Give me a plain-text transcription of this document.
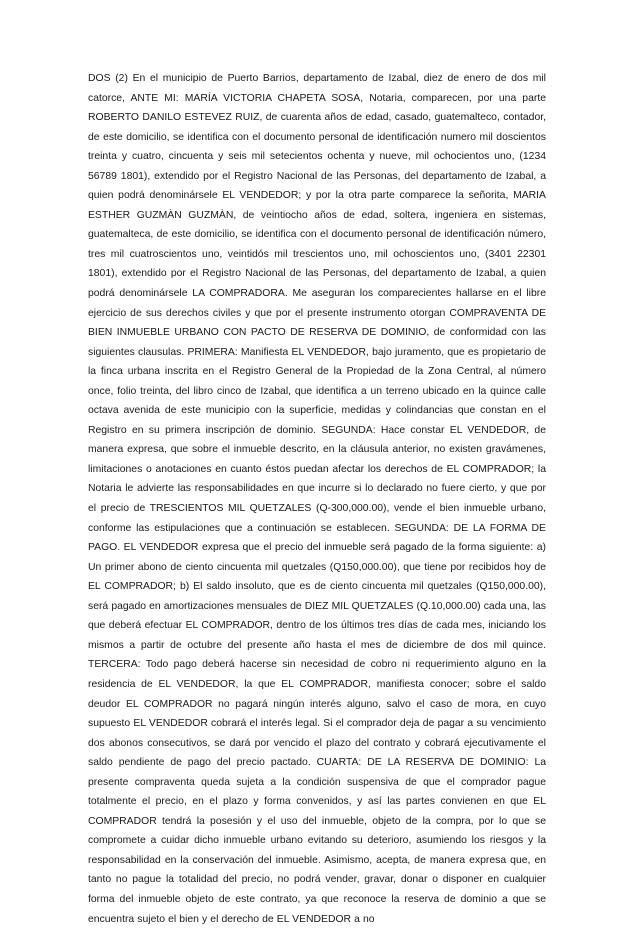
DOS (2) En el municipio de Puerto Barrios, departamento de Izabal, diez de enero de dos mil catorce, ANTE MI: MARÍA VICTORIA CHAPETA SOSA, Notaria, comparecen, por una parte ROBERTO DANILO ESTEVEZ RUIZ, de cuarenta años de edad, casado, guatemalteco, contador, de este domicilio, se identifica con el documento personal de identificación numero mil doscientos treinta y cuatro, cincuenta y seis mil setecientos ochenta y nueve, mil ochocientos uno, (1234 56789 1801), extendido por el Registro Nacional de las Personas, del departamento de Izabal, a quien podrá denominársele EL VENDEDOR; y por la otra parte comparece la señorita, MARIA ESTHER GUZMÀN GUZMÀN, de veintiocho años de edad, soltera, ingeniera en sistemas, guatemalteca, de este domicilio, se identifica con el documento personal de identificación número, tres mil cuatroscientos uno, veintidós mil trescientos uno, mil ochoscientos uno, (3401 22301 1801), extendido por el Registro Nacional de las Personas, del departamento de Izabal, a quien podrá denominársele LA COMPRADORA. Me aseguran los comparecientes hallarse en el libre ejercicio de sus derechos civiles y que por el presente instrumento otorgan COMPRAVENTA DE BIEN INMUEBLE URBANO CON PACTO DE RESERVA DE DOMINIO, de conformidad con las siguientes clausulas. PRIMERA: Manifiesta EL VENDEDOR, bajo juramento, que es propietario de la finca urbana inscrita en el Registro General de la Propiedad de la Zona Central, al número once, folio treinta, del libro cinco de Izabal, que identifica a un terreno ubicado en la quince calle octava avenida de este municipio con la superficie, medidas y colindancias que constan en el Registro en su primera inscripción de dominio. SEGUNDA: Hace constar EL VENDEDOR, de manera expresa, que sobre el inmueble descrito, en la cláusula anterior, no existen gravámenes, limitaciones o anotaciones en cuanto éstos puedan afectar los derechos de EL COMPRADOR; la Notaria le advierte las responsabilidades en que incurre si lo declarado no fuere cierto, y que por el precio de TRESCIENTOS MIL QUETZALES (Q-300,000.00), vende el bien inmueble urbano, conforme las estipulaciones que a continuación se establecen. SEGUNDA: DE LA FORMA DE PAGO. EL VENDEDOR expresa que el precio del inmueble será pagado de la forma siguiente: a) Un primer abono de ciento cincuenta mil quetzales (Q150,000.00), que tiene por recibidos hoy de EL COMPRADOR; b) El saldo insoluto, que es de ciento cincuenta mil quetzales (Q150,000.00), será pagado en amortizaciones mensuales de DIEZ MIL QUETZALES (Q.10,000.00) cada una, las que deberá efectuar EL COMPRADOR, dentro de los últimos tres días de cada mes, iniciando los mismos a partir de octubre del presente año hasta el mes de diciembre de dos mil quince. TERCERA: Todo pago deberá hacerse sin necesidad de cobro ni requerimiento alguno en la residencia de EL VENDEDOR, la que EL COMPRADOR, manifiesta conocer; sobre el saldo deudor EL COMPRADOR no pagará ningún interés alguno, salvo el caso de mora, en cuyo supuesto EL VENDEDOR cobrará el interés legal. Si el comprador deja de pagar a su vencimiento dos abonos consecutivos, se dará por vencido el plazo del contrato y cobrará ejecutivamente el saldo pendiente de pago del precio pactado. CUARTA: DE LA RESERVA DE DOMINIO: La presente compraventa queda sujeta a la condición suspensiva de que el comprador pague totalmente el precio, en el plazo y forma convenidos, y así las partes convienen en que EL COMPRADOR tendrá la posesión y el uso del inmueble, objeto de la compra, por lo que se compromete a cuidar dicho inmueble urbano evitando su deterioro, asumiendo los riesgos y la responsabilidad en la conservación del inmueble. Asimismo, acepta, de manera expresa que, en tanto no pague la totalidad del precio, no podrá vender, gravar, donar o disponer en cualquier forma del inmueble objeto de este contrato, ya que reconoce la reserva de dominio a que se encuentra sujeto el bien y el derecho de EL VENDEDOR a no
